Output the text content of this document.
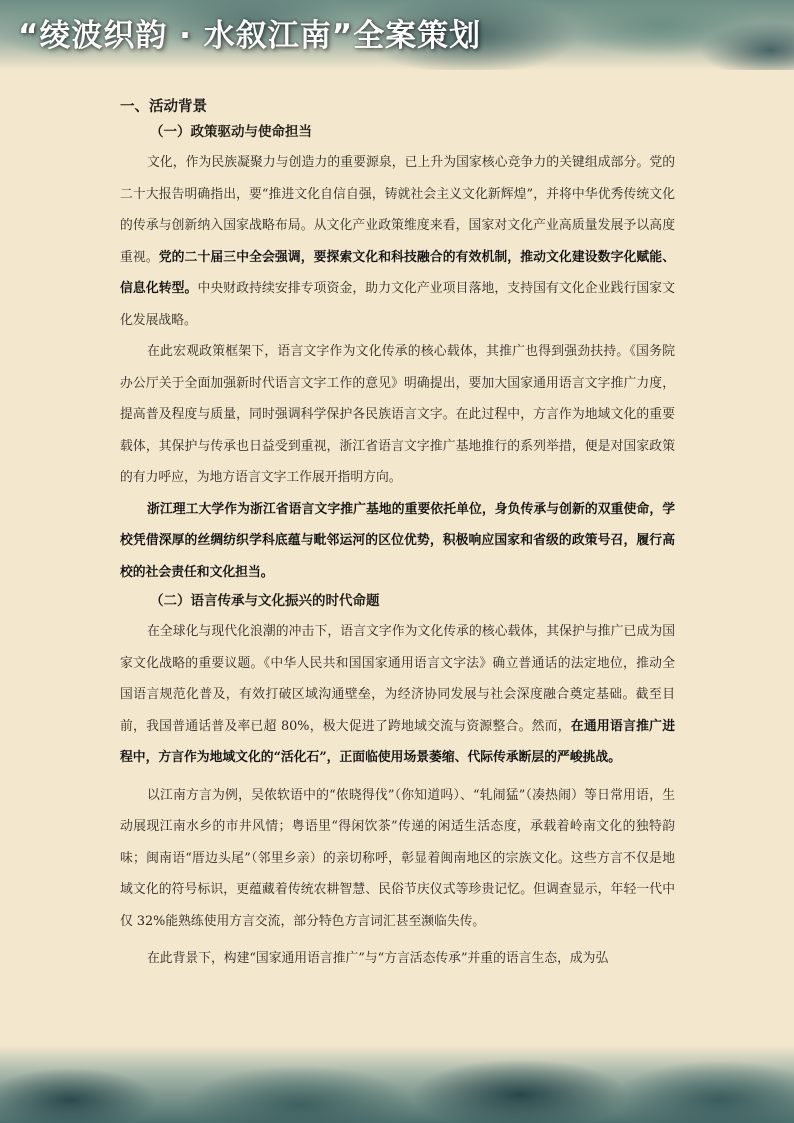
“绫波织韵 · 水叙江南”全案策划
一、活动背景
（一）政策驱动与使命担当

文化，作为民族凝聚力与创造力的重要源泉，已上升为国家核心竞争力的关键组成部分。党的二十大报告明确指出，要“推进文化自信自强，铸就社会主义文化新辉煌”，并将中华优秀传统文化的传承与创新纳入国家战略布局。从文化产业政策维度来看，国家对文化产业高质量发展予以高度重视。党的二十届三中全会强调，要探索文化和科技融合的有效机制，推动文化建设数字化赋能、信息化转型。中央财政持续安排专项资金，助力文化产业项目落地，支持国有文化企业践行国家文化发展战略。

在此宏观政策框架下，语言文字作为文化传承的核心载体，其推广也得到强劲扶持。《国务院办公厅关于全面加强新时代语言文字工作的意见》明确提出，要加大国家通用语言文字推广力度，提高普及程度与质量，同时强调科学保护各民族语言文字。在此过程中，方言作为地域文化的重要载体，其保护与传承也日益受到重视，浙江省语言文字推广基地推行的系列举措，便是对国家政策的有力呼应，为地方语言文字工作展开指明方向。

浙江理工大学作为浙江省语言文字推广基地的重要依托单位，身负传承与创新的双重使命，学校凭借深厚的丝绸纺织学科底蕴与毗邻运河的区位优势，积极响应国家和省级的政策号召，履行高校的社会责任和文化担当。

（二）语言传承与文化振兴的时代命题

在全球化与现代化浪潮的冲击下，语言文字作为文化传承的核心载体，其保护与推广已成为国家文化战略的重要议题。《中华人民共和国国家通用语言文字法》确立普通话的法定地位，推动全国语言规范化普及，有效打破区域沟通壁垒，为经济协同发展与社会深度融合奠定基础。截至目前，我国普通话普及率已超 80%，极大促进了跨地域交流与资源整合。然而，在通用语言推广进程中，方言作为地域文化的“活化石”，正面临使用场景萎缩、代际传承断层的严峻挑战。

以江南方言为例，吴侬软语中的“侬晓得伐”（你知道吗）、“轧闹猛”（凑热闹）等日常用语，生动展现江南水乡的市井风情；粤语里“得闲饮茶”传递的闲适生活态度，承载着岭南文化的独特韵味；闽南语“厝边头尾”（邻里乡亲）的亲切称呼，彰显着闽南地区的宗族文化。这些方言不仅是地域文化的符号标识，更蕴藏着传统农耕智慧、民俗节庆仪式等珍贵记忆。但调查显示，年轻一代中仅 32%能熟练使用方言交流，部分特色方言词汇甚至濒临失传。

在此背景下，构建“国家通用语言推广”与“方言活态传承”并重的语言生态，成为弘
